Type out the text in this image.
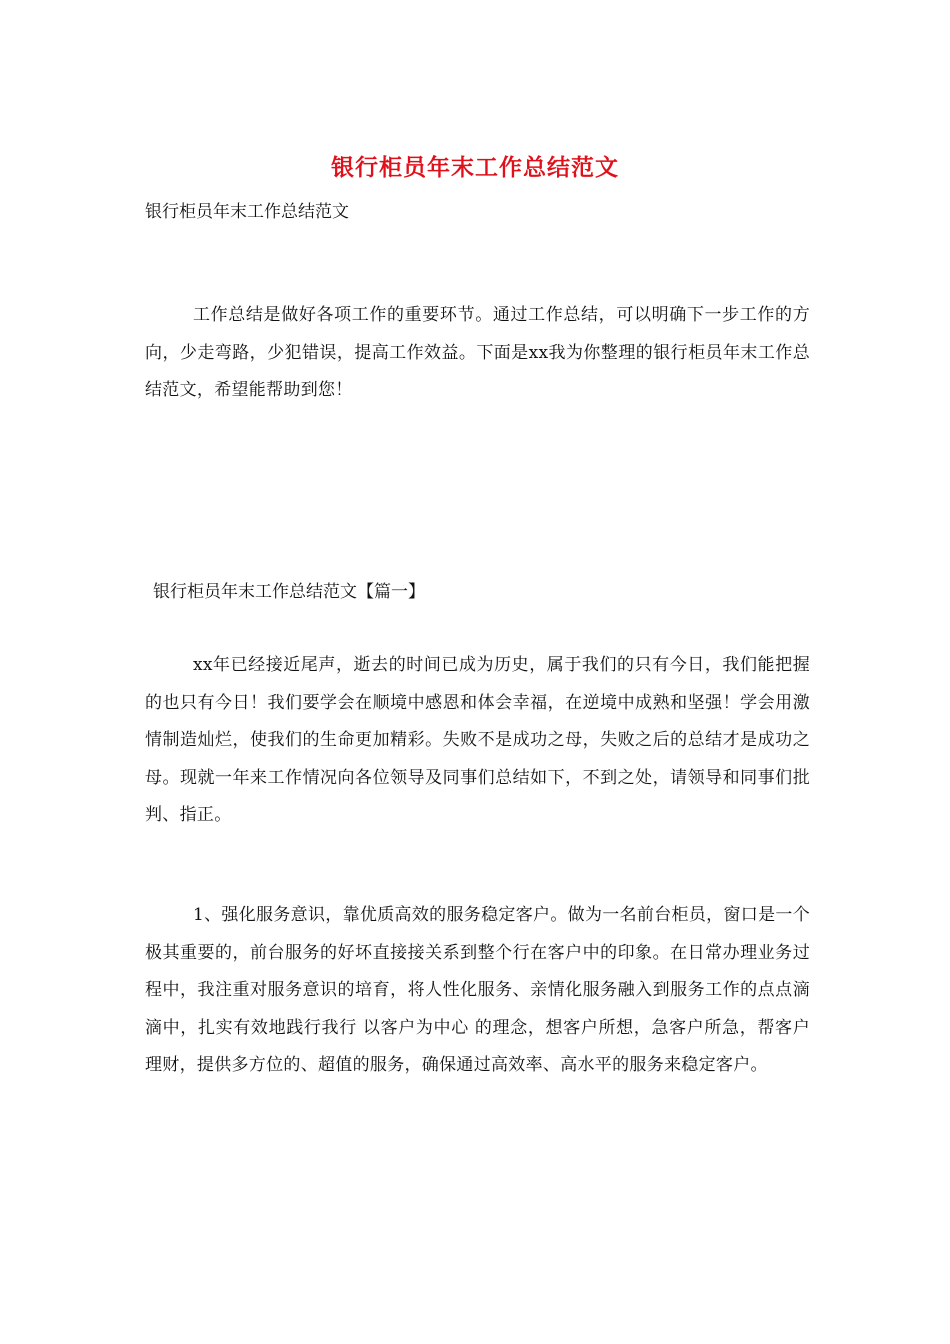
银行柜员年末工作总结范文
银行柜员年末工作总结范文

工作总结是做好各项工作的重要环节。通过工作总结，可以明确下一步工作的方向，少走弯路，少犯错误，提高工作效益。下面是xx我为你整理的银行柜员年末工作总结范文，希望能帮助到您！

银行柜员年末工作总结范文【篇一】

xx年已经接近尾声，逝去的时间已成为历史，属于我们的只有今日，我们能把握的也只有今日！我们要学会在顺境中感恩和体会幸福，在逆境中成熟和坚强！学会用激情制造灿烂，使我们的生命更加精彩。失败不是成功之母，失败之后的总结才是成功之母。现就一年来工作情况向各位领导及同事们总结如下，不到之处，请领导和同事们批判、指正。

1、强化服务意识，靠优质高效的服务稳定客户。做为一名前台柜员，窗口是一个极其重要的，前台服务的好坏直接接关系到整个行在客户中的印象。在日常办理业务过程中，我注重对服务意识的培育，将人性化服务、亲情化服务融入到服务工作的点点滴滴中，扎实有效地践行我行 以客户为中心 的理念，想客户所想，急客户所急，帮客户理财，提供多方位的、超值的服务，确保通过高效率、高水平的服务来稳定客户。
